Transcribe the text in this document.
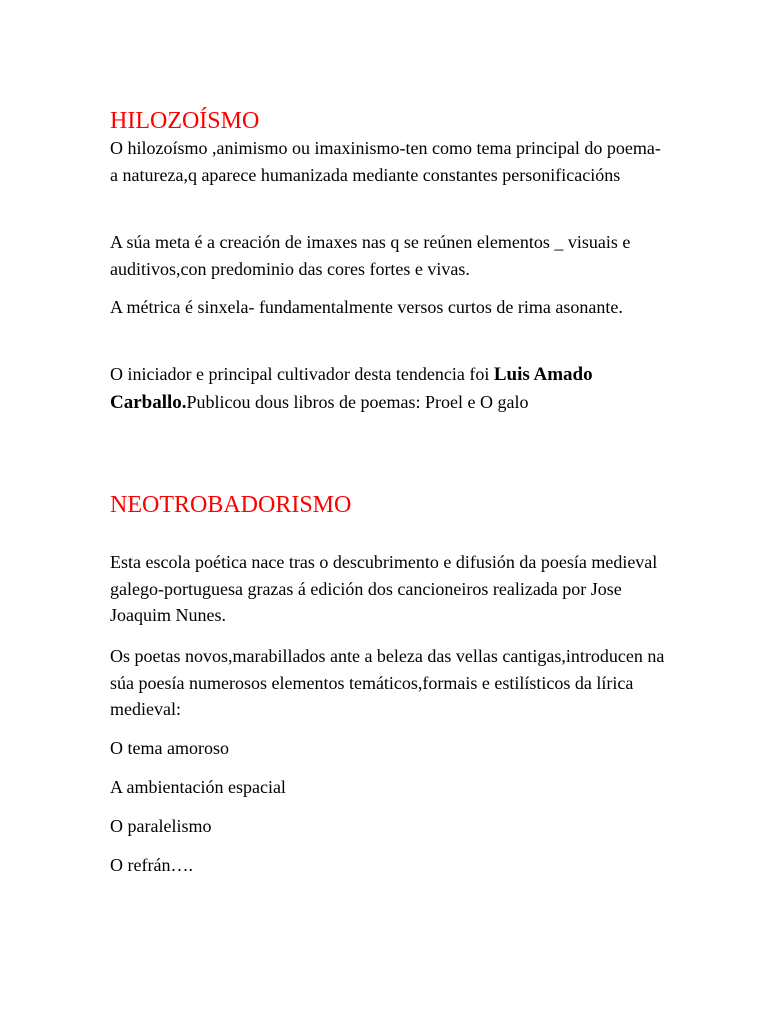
HILOZOÍSMO

O hilozoísmo ,animismo ou imaxinismo-ten como tema principal do poema- a natureza,q aparece humanizada mediante constantes personificacións

A súa meta é a creación de imaxes nas q se reúnen elementos _ visuais e auditivos,con predominio das cores fortes e vivas.

A métrica é sinxela- fundamentalmente versos curtos de rima asonante.

O iniciador e principal cultivador desta tendencia foi Luis Amado Carballo.Publicou dous libros de poemas: Proel e O galo

NEOTROBADORISMO

Esta escola poética nace tras o descubrimento e difusión da poesía medieval galego-portuguesa grazas á edición dos cancioneiros realizada por Jose Joaquim Nunes.

Os poetas novos,marabillados ante a beleza das vellas cantigas,introducen na súa poesía numerosos elementos temáticos,formais e estilísticos da lírica medieval:

O tema amoroso

A ambientación espacial

O paralelismo

O refrán….
